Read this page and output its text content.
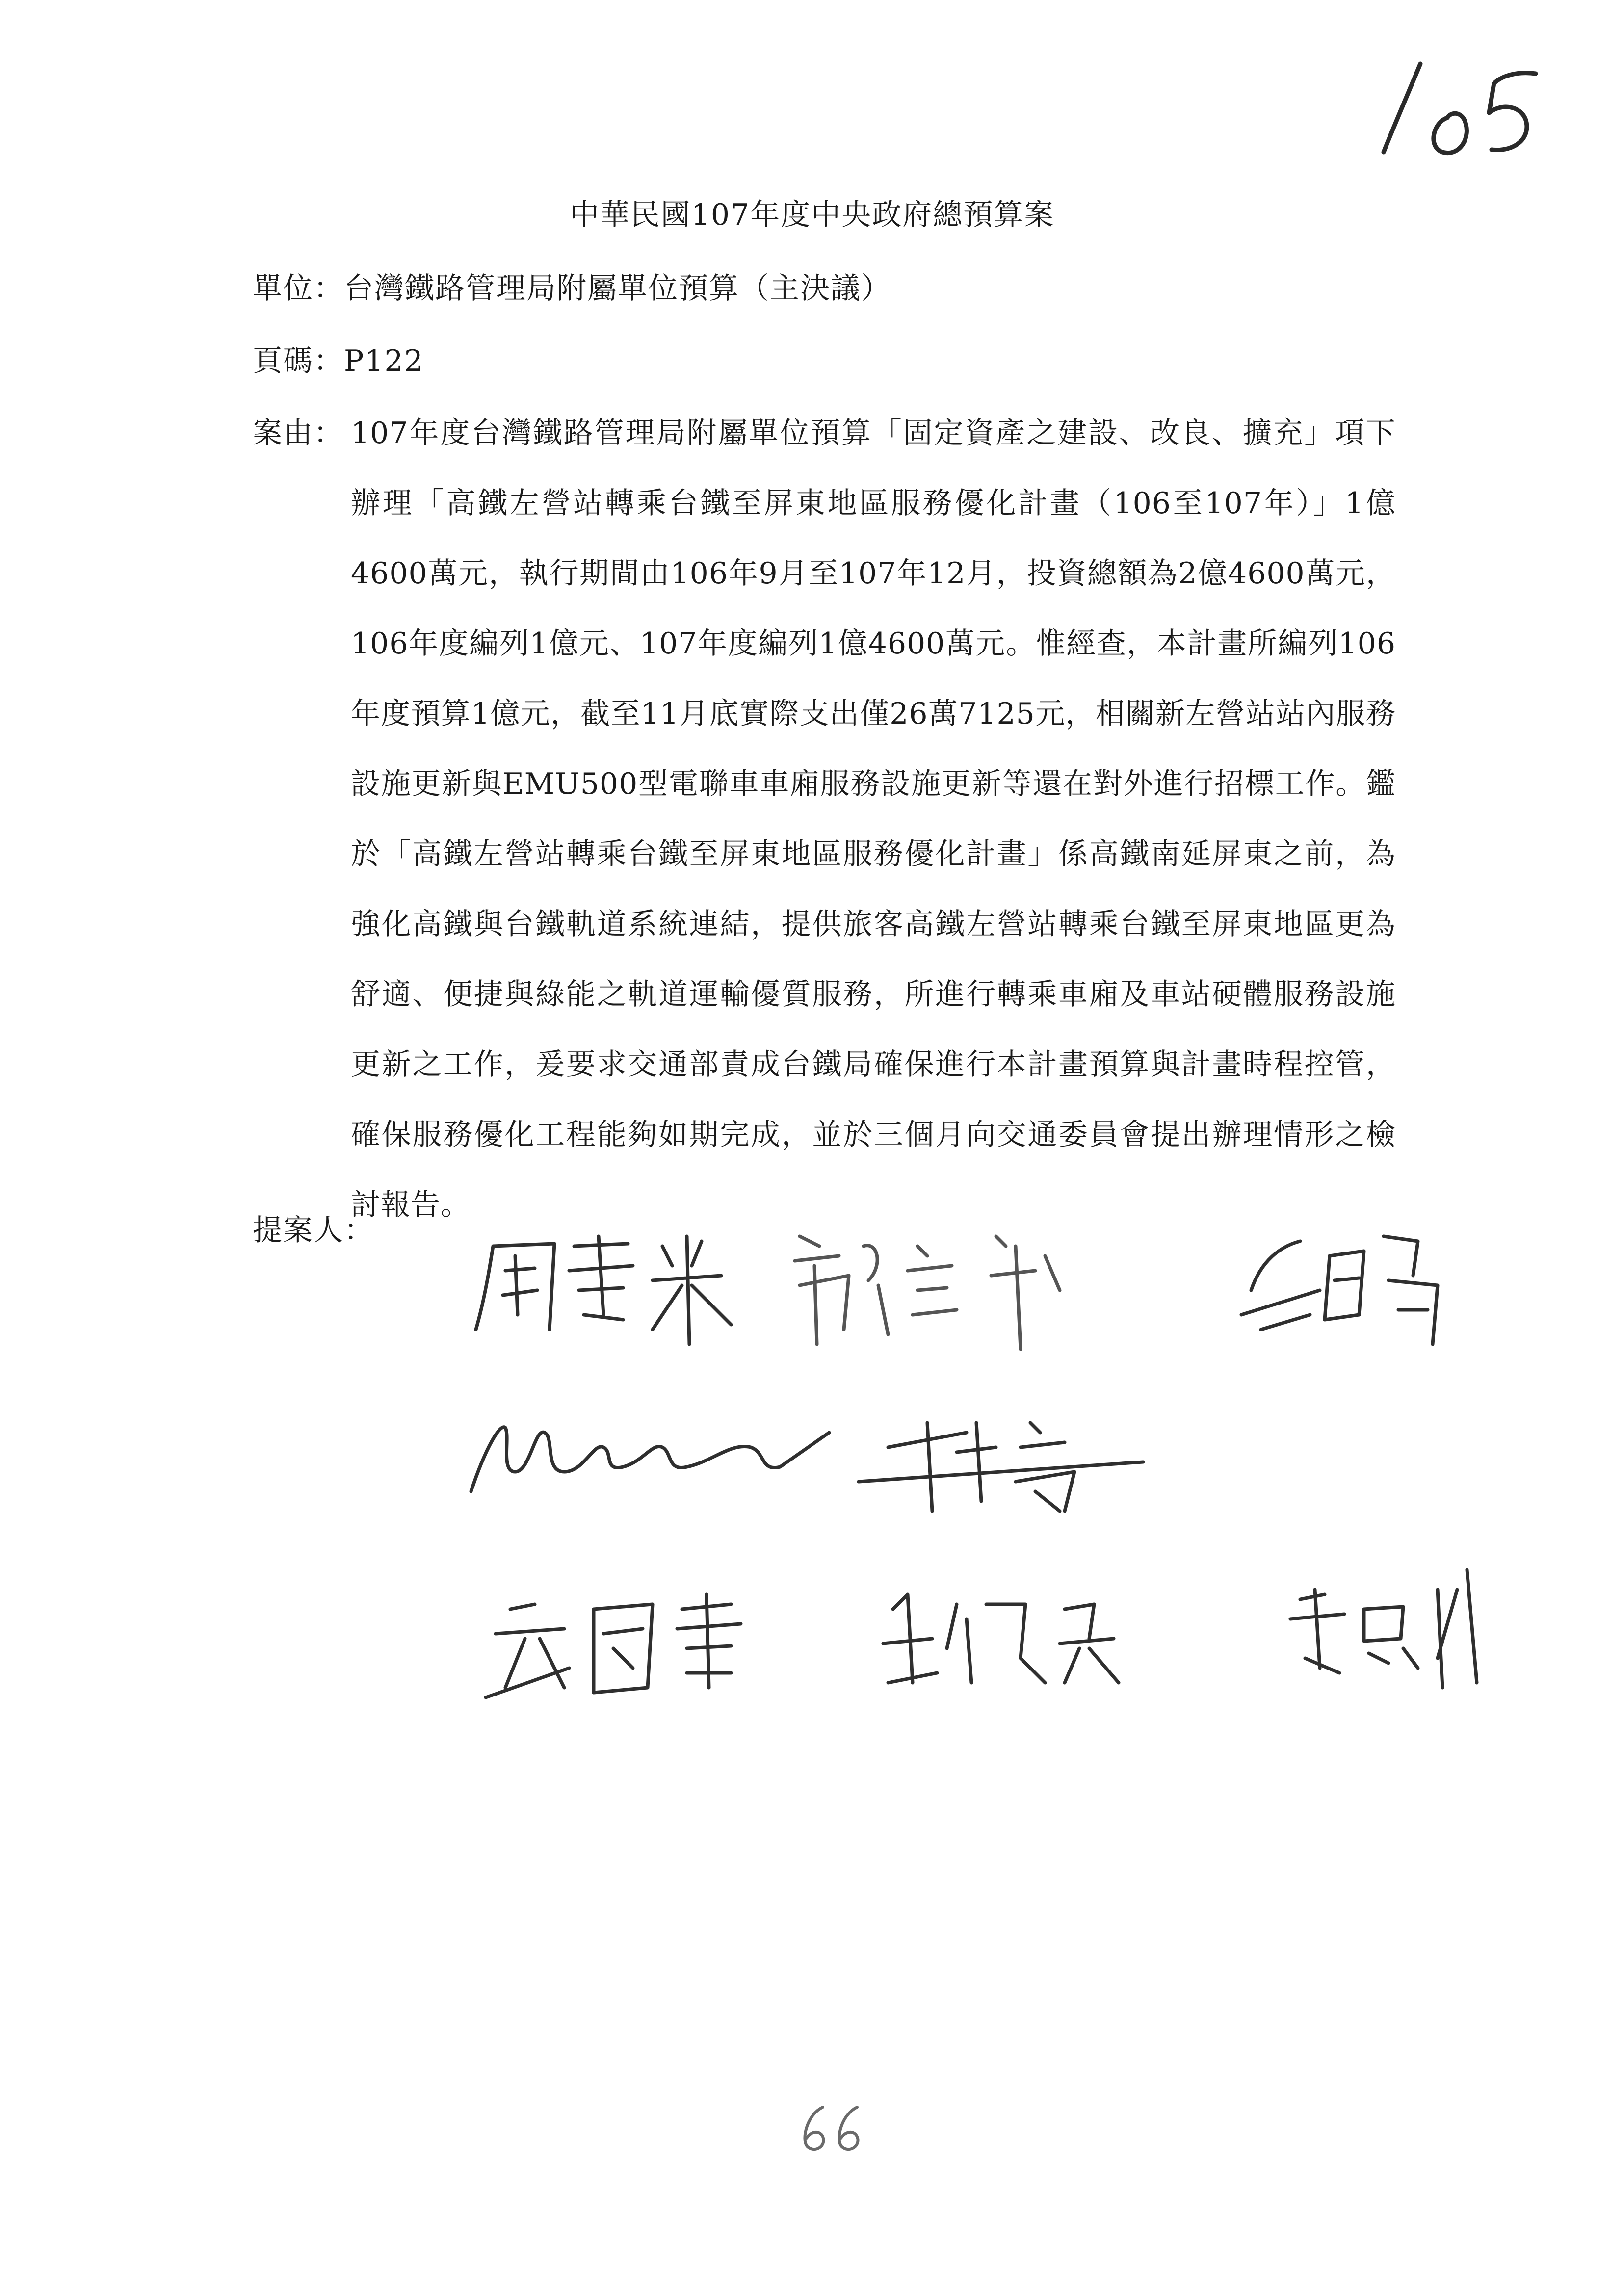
中華民國107年度中央政府總預算案
單位：台灣鐵路管理局附屬單位預算（主決議）
頁碼：P122
案由： 107年度台灣鐵路管理局附屬單位預算「固定資產之建設、改良、擴充」項下辦理「高鐵左營站轉乘台鐵至屏東地區服務優化計畫（106至107年）」1億4600萬元，執行期間由106年9月至107年12月，投資總額為2億4600萬元，106年度編列1億元、107年度編列1億4600萬元。惟經查，本計畫所編列106年度預算1億元，截至11月底實際支出僅26萬7125元，相關新左營站站內服務設施更新與EMU500型電聯車車廂服務設施更新等還在對外進行招標工作。鑑於「高鐵左營站轉乘台鐵至屏東地區服務優化計畫」係高鐵南延屏東之前，為強化高鐵與台鐵軌道系統連結，提供旅客高鐵左營站轉乘台鐵至屏東地區更為舒適、便捷與綠能之軌道運輸優質服務，所進行轉乘車廂及車站硬體服務設施更新之工作，爰要求交通部責成台鐵局確保進行本計畫預算與計畫時程控管，確保服務優化工程能夠如期完成，並於三個月向交通委員會提出辦理情形之檢討報告。
提案人：
